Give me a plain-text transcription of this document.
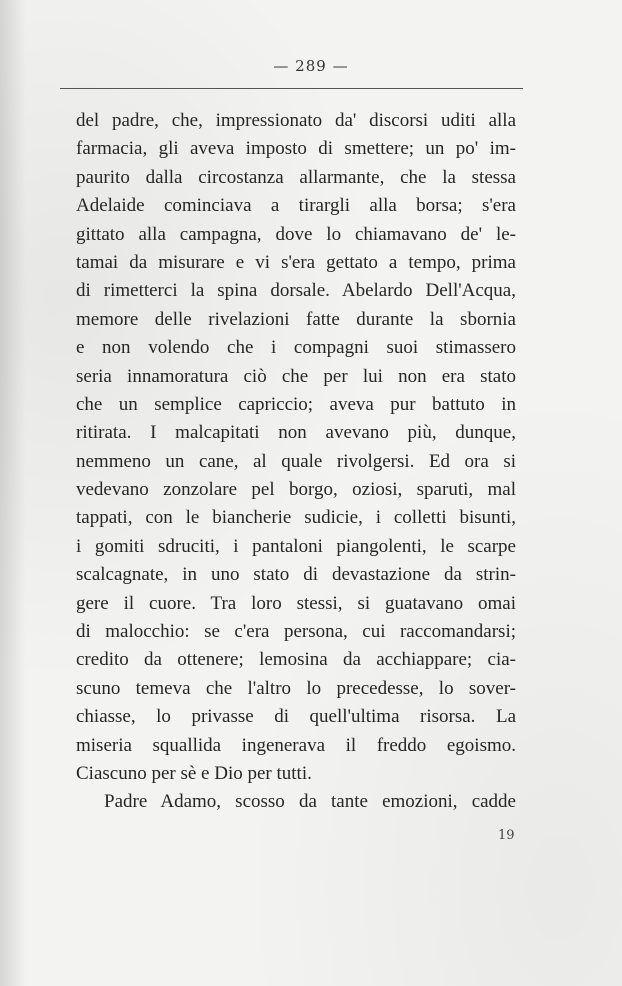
— 289 —
del padre, che, impressionato da' discorsi uditi alla
farmacia, gli aveva imposto di smettere; un po' im-
paurito dalla circostanza allarmante, che la stessa
Adelaide cominciava a tirargli alla borsa; s'era
gittato alla campagna, dove lo chiamavano de' le-
tamai da misurare e vi s'era gettato a tempo, prima
di rimetterci la spina dorsale. Abelardo Dell'Acqua,
memore delle rivelazioni fatte durante la sbornia
e non volendo che i compagni suoi stimassero
seria innamoratura ciò che per lui non era stato
che un semplice capriccio; aveva pur battuto in
ritirata. I malcapitati non avevano più, dunque,
nemmeno un cane, al quale rivolgersi. Ed ora si
vedevano zonzolare pel borgo, oziosi, sparuti, mal
tappati, con le biancherie sudicie, i colletti bisunti,
i gomiti sdruciti, i pantaloni piangolenti, le scarpe
scalcagnate, in uno stato di devastazione da strin-
gere il cuore. Tra loro stessi, si guatavano omai
di malocchio: se c'era persona, cui raccomandarsi;
credito da ottenere; lemosina da acchiappare; cia-
scuno temeva che l'altro lo precedesse, lo sover-
chiasse, lo privasse di quell'ultima risorsa. La
miseria squallida ingenerava il freddo egoismo.
Ciascuno per sè e Dio per tutti.
Padre Adamo, scosso da tante emozioni, cadde
19
